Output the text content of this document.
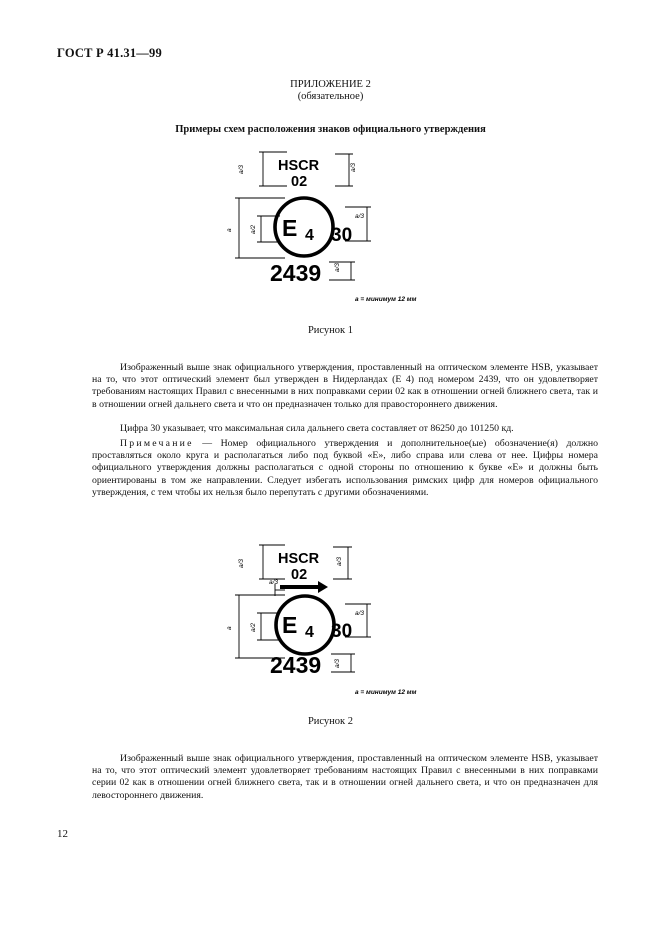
ГОСТ Р 41.31—99
ПРИЛОЖЕНИЕ 2
(обязательное)
Примеры схем расположения знаков официального утверждения
a/3	a/3
a	a/2
a/3
a/3
HSCR
02
E 4 30
2439
a = минимум 12 мм
Рисунок 1

Изображенный выше знак официального утверждения, проставленный на оптическом элементе HSB, указывает на то, что этот оптический элемент был утвержден в Нидерландах (Е 4) под номером 2439, что он удовлетворяет требованиям настоящих Правил с внесенными в них поправками серии 02 как в отношении огней ближнего света, так и в отношении огней дальнего света и что он предназначен только для правостороннего движения.

Цифра 30 указывает, что максимальная сила дальнего света составляет от 86250 до 101250 кд.

Примечание — Номер официального утверждения и дополнительное(ые) обозначение(я) должно проставляться около круга и располагаться либо под буквой «E», либо справа или слева от нее. Цифры номера официального утверждения должны располагаться с одной стороны по отношению к букве «E» и должны быть ориентированы в том же направлении. Следует избегать использования римских цифр для номеров официального утверждения, с тем чтобы их нельзя было перепутать с другими обозначениями.

a/3	a/3
a/3
a	a/2
a/3
a/3
HSCR
02
E 4 30
2439
a = минимум 12 мм
Рисунок 2

Изображенный выше знак официального утверждения, проставленный на оптическом элементе HSB, указывает на то, что этот оптический элемент удовлетворяет требованиям настоящих Правил с внесенными в них поправками серии 02 как в отношении огней ближнего света, так и в отношении огней дальнего света, и что он предназначен для левостороннего движения.

12
